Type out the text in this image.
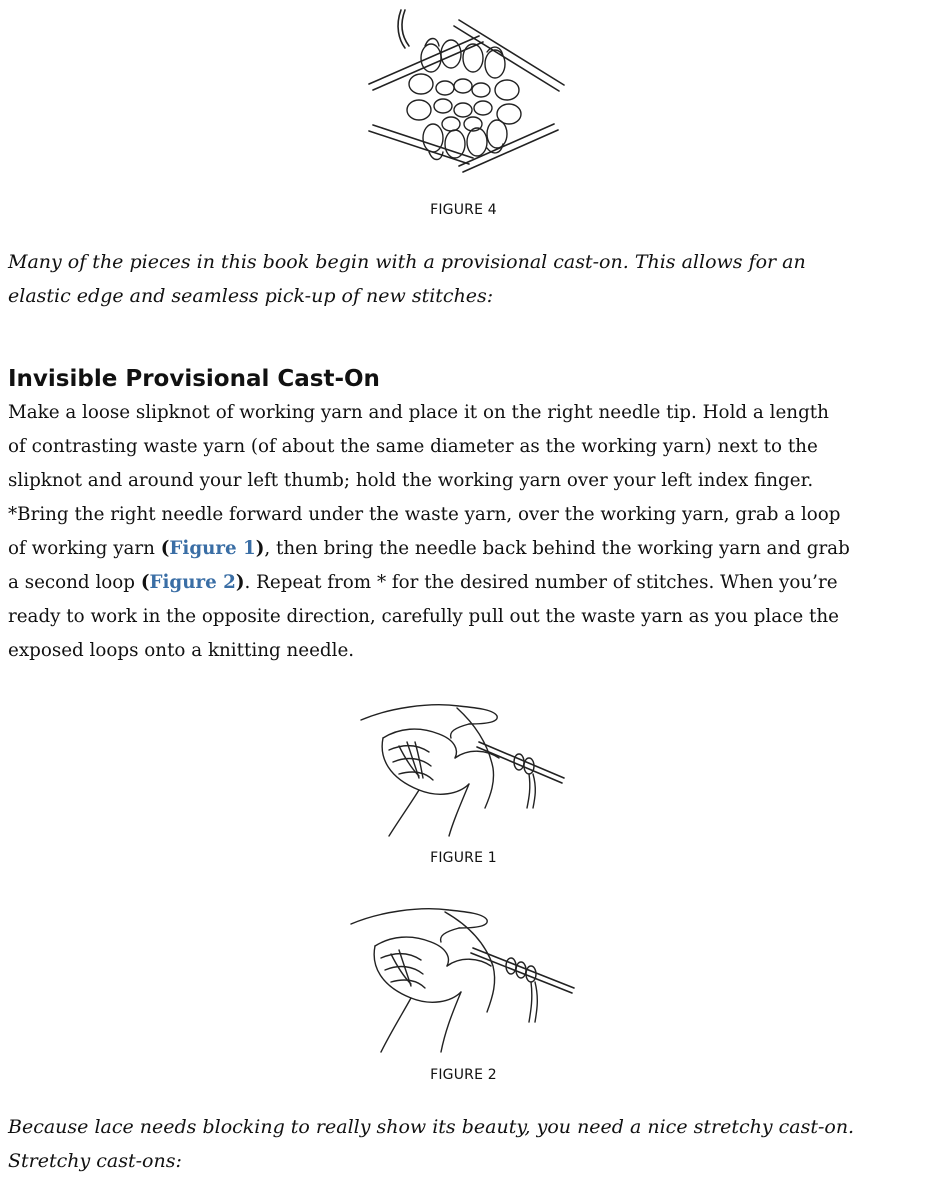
FIGURE 4

Many of the pieces in this book begin with a provisional cast-on. This allows for an
elastic edge and seamless pick-up of new stitches:

Invisible Provisional Cast-On

Make a loose slipknot of working yarn and place it on the right needle tip. Hold a length
of contrasting waste yarn (of about the same diameter as the working yarn) next to the
slipknot and around your left thumb; hold the working yarn over your left index finger.
*Bring the right needle forward under the waste yarn, over the working yarn, grab a loop
of working yarn (Figure 1), then bring the needle back behind the working yarn and grab
a second loop (Figure 2). Repeat from * for the desired number of stitches. When you’re
ready to work in the opposite direction, carefully pull out the waste yarn as you place the
exposed loops onto a knitting needle.

FIGURE 1
FIGURE 2

Because lace needs blocking to really show its beauty, you need a nice stretchy cast-on.
Stretchy cast-ons:
